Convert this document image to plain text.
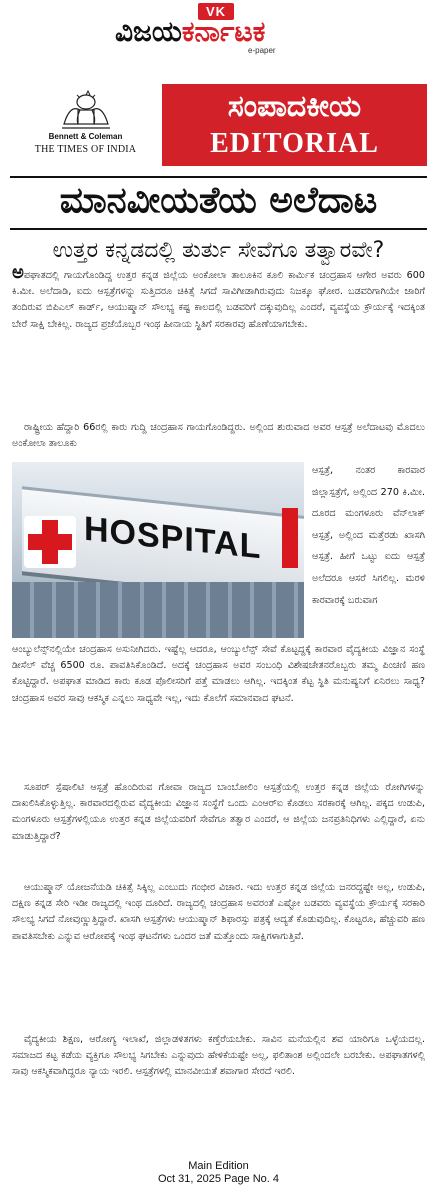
VK
ವಿಜಯಕರ್ನಾಟಕ
e-paper
Bennett & Coleman
THE TIMES OF INDIA
ಸಂಪಾದಕೀಯ
EDITORIAL
ಮಾನವೀಯತೆಯ ಅಲೆದಾಟ
ಉತ್ತರ ಕನ್ನಡದಲ್ಲಿ ತುರ್ತು ಸೇವೆಗೂ ತತ್ವಾರವೇ?

ಅಪಘಾತದಲ್ಲಿ ಗಾಯಗೊಂಡಿದ್ದ ಉತ್ತರ ಕನ್ನಡ ಜಿಲ್ಲೆಯ ಅಂಕೋಲಾ ತಾಲೂಕಿನ ಕೂಲಿ ಕಾರ್ಮಿಕ ಚಂದ್ರಹಾಸ ಆಗೇರ ಅವರು 600 ಕಿ.ಮೀ. ಅಲೆದಾಡಿ, ಐದು ಆಸ್ಪತ್ರೆಗಳನ್ನು ಸುತ್ತಿದರೂ ಚಿಕಿತ್ಸೆ ಸಿಗದೆ ಸಾವಿಗೀಡಾಗಿರುವುದು ನಿಜಕ್ಕೂ ಘೋರ. ಬಡವರಿಗಾಗಿಯೇ ಜಾರಿಗೆ ತಂದಿರುವ ಬಿಪಿಎಲ್ ಕಾರ್ಡ್, ಆಯುಷ್ಮಾನ್ ಸೌಲಭ್ಯ ಕಷ್ಟ ಕಾಲದಲ್ಲಿ ಬಡವರಿಗೆ ದಕ್ಕುವುದಿಲ್ಲ ಎಂದರೆ, ವ್ಯವಸ್ಥೆಯ ಕ್ರೌರ್ಯಕ್ಕೆ ಇದಕ್ಕಿಂತ ಬೇರೆ ಸಾಕ್ಷಿ ಬೇಕಿಲ್ಲ. ರಾಜ್ಯದ ಪ್ರಜೆಯೊಬ್ಬರ ಇಂಥ ಹೀನಾಯ ಸ್ಥಿತಿಗೆ ಸರಕಾರವು ಹೊಣೆಯಾಗಬೇಕು.

ರಾಷ್ಟ್ರೀಯ ಹೆದ್ದಾರಿ 66ರಲ್ಲಿ ಕಾರು ಗುದ್ದಿ ಚಂದ್ರಹಾಸ ಗಾಯಗೊಂಡಿದ್ದರು. ಅಲ್ಲಿಂದ ಶುರುವಾದ ಅವರ ಆಸ್ಪತ್ರೆ ಅಲೆದಾಟವು ಮೊದಲು ಅಂಕೋಲಾ ತಾಲೂಕು

HOSPITAL

ಆಸ್ಪತ್ರೆ, ನಂತರ ಕಾರವಾರ ಜಿಲ್ಲಾಸ್ಪತ್ರೆಗೆ, ಅಲ್ಲಿಂದ 270 ಕಿ.ಮೀ. ದೂರದ ಮಂಗಳೂರು ವೆನ್‌ಲಾಕ್ ಆಸ್ಪತ್ರೆ, ಅಲ್ಲಿಂದ ಮತ್ತೆರಡು ಖಾಸಗಿ ಆಸ್ಪತ್ರೆ. ಹೀಗೆ ಒಟ್ಟು ಐದು ಆಸ್ಪತ್ರೆ ಅಲೆದರೂ ಆಸರೆ ಸಿಗಲಿಲ್ಲ. ಮರಳಿ ಕಾರವಾರಕ್ಕೆ ಬರುವಾಗ

ಆಂಬ್ಯುಲೆನ್ಸ್‌ನಲ್ಲಿಯೇ ಚಂದ್ರಹಾಸ ಅಸುನೀಗಿದರು. ಇಷ್ಟೆಲ್ಲ ಆದರೂ, ಆಂಬ್ಯುಲೆನ್ಸ್ ಸೇವೆ ಕೊಟ್ಟದ್ದಕ್ಕೆ ಕಾರವಾರ ವೈದ್ಯಕೀಯ ವಿಜ್ಞಾನ ಸಂಸ್ಥೆ ಡೀಸೆಲ್ ವೆಚ್ಚ 6500 ರೂ. ಪಾವತಿಸಿಕೊಂಡಿದೆ. ಅದಕ್ಕೆ ಚಂದ್ರಹಾಸ ಅವರ ಸಂಬಂಧಿ ವಿಶೇಷಚೇತನರೊಬ್ಬರು ತಮ್ಮ ಪಿಂಚಣಿ ಹಣ ಕೊಟ್ಟಿದ್ದಾರೆ. ಅಪಘಾತ ಮಾಡಿದ ಕಾರು ಕೂಡ ಪೊಲೀಸರಿಗೆ ಪತ್ತೆ ಮಾಡಲು ಆಗಿಲ್ಲ. ಇದಕ್ಕಿಂತ ಕೆಟ್ಟ ಸ್ಥಿತಿ ಮನುಷ್ಯನಿಗೆ ಏನಿರಲು ಸಾಧ್ಯ? ಚಂದ್ರಹಾಸ ಅವರ ಸಾವು ಆಕಸ್ಮಿಕ ಎನ್ನಲು ಸಾಧ್ಯವೇ ಇಲ್ಲ, ಇದು ಕೊಲೆಗೆ ಸಮಾನವಾದ ಘಟನೆ.

ಸೂಪರ್ ಸ್ಪೆಷಾಲಿಟಿ ಆಸ್ಪತ್ರೆ ಹೊಂದಿರುವ ಗೋವಾ ರಾಜ್ಯದ ಬಾಂಬೋಲಿಂ ಆಸ್ಪತ್ರೆಯಲ್ಲಿ ಉತ್ತರ ಕನ್ನಡ ಜಿಲ್ಲೆಯ ರೋಗಿಗಳನ್ನು ದಾಖಲಿಸಿಕೊಳ್ಳುತ್ತಿಲ್ಲ. ಕಾರವಾರದಲ್ಲಿರುವ ವೈದ್ಯಕೀಯ ವಿಜ್ಞಾನ ಸಂಸ್ಥೆಗೆ ಒಂದು ಎಂಆರ್‌ಐ ಕೊಡಲು ಸರಕಾರಕ್ಕೆ ಆಗಿಲ್ಲ. ಪಕ್ಕದ ಉಡುಪಿ, ಮಂಗಳೂರು ಆಸ್ಪತ್ರೆಗಳಲ್ಲಿಯೂ ಉತ್ತರ ಕನ್ನಡ ಜಿಲ್ಲೆಯವರಿಗೆ ಸೇವೆಗೂ ತತ್ವಾರ ಎಂದರೆ, ಆ ಜಿಲ್ಲೆಯ ಜನಪ್ರತಿನಿಧಿಗಳು ಎಲ್ಲಿದ್ದಾರೆ, ಏನು ಮಾಡುತ್ತಿದ್ದಾರೆ?

ಆಯುಷ್ಮಾನ್ ಯೋಜನೆಯಡಿ ಚಿಕಿತ್ಸೆ ಸಿಕ್ಕಿಲ್ಲ ಎಂಬುದು ಗಂಭೀರ ವಿಚಾರ. ಇದು ಉತ್ತರ ಕನ್ನಡ ಜಿಲ್ಲೆಯ ಜನರದ್ದಷ್ಟೇ ಅಲ್ಲ, ಉಡುಪಿ, ದಕ್ಷಿಣ ಕನ್ನಡ ಸೇರಿ ಇಡೀ ರಾಜ್ಯದಲ್ಲಿ ಇಂಥ ದೂರಿದೆ. ರಾಜ್ಯದಲ್ಲಿ ಚಂದ್ರಹಾಸ ಅವರಂತೆ ಎಷ್ಟೋ ಬಡವರು ವ್ಯವಸ್ಥೆಯ ಕ್ರೌರ್ಯಕ್ಕೆ ಸರಕಾರಿ ಸೌಲಭ್ಯ ಸಿಗದೆ ನೋವುಣ್ಣುತ್ತಿದ್ದಾರೆ. ಖಾಸಗಿ ಆಸ್ಪತ್ರೆಗಳು ಆಯುಷ್ಮಾನ್ ಶಿಫಾರಸ್ಸು ಪತ್ರಕ್ಕೆ ಆದ್ಯತೆ ಕೊಡುವುದಿಲ್ಲ. ಕೊಟ್ಟರೂ, ಹೆಚ್ಚುವರಿ ಹಣ ಪಾವತಿಸಬೇಕು ಎನ್ನುವ ಆರೋಪಕ್ಕೆ ಇಂಥ ಘಟನೆಗಳು ಒಂದರ ಜತೆ ಮತ್ತೊಂದು ಸಾಕ್ಷಿಗಳಾಗುತ್ತಿವೆ.

ವೈದ್ಯಕೀಯ ಶಿಕ್ಷಣ, ಆರೋಗ್ಯ ಇಲಾಖೆ, ಜಿಲ್ಲಾಡಳಿತಗಳು ಕಣ್ತೆರೆಯಬೇಕು. ಸಾವಿನ ಮನೆಯಲ್ಲಿನ ಶವ ಯಾರಿಗೂ ಒಳ್ಳೆಯದಲ್ಲ. ಸಮಾಜದ ಕಟ್ಟ ಕಡೆಯ ವ್ಯಕ್ತಿಗೂ ಸೌಲಭ್ಯ ಸಿಗಬೇಕು ಎನ್ನುವುದು ಹೇಳಿಕೆಯಷ್ಟೇ ಅಲ್ಲ, ಫಲಿತಾಂಶ ಅಲ್ಲಿಂದಲೇ ಬರಬೇಕು. ಅಪಘಾತಗಳಲ್ಲಿ ಸಾವು ಆಕಸ್ಮಿಕವಾಗಿದ್ದರೂ ನ್ಯಾಯ ಇರಲಿ. ಆಸ್ಪತ್ರೆಗಳಲ್ಲಿ ಮಾನವೀಯತೆ ಶವಾಗಾರ ಸೇರದೆ ಇರಲಿ.

Main Edition
Oct 31, 2025 Page No. 4
